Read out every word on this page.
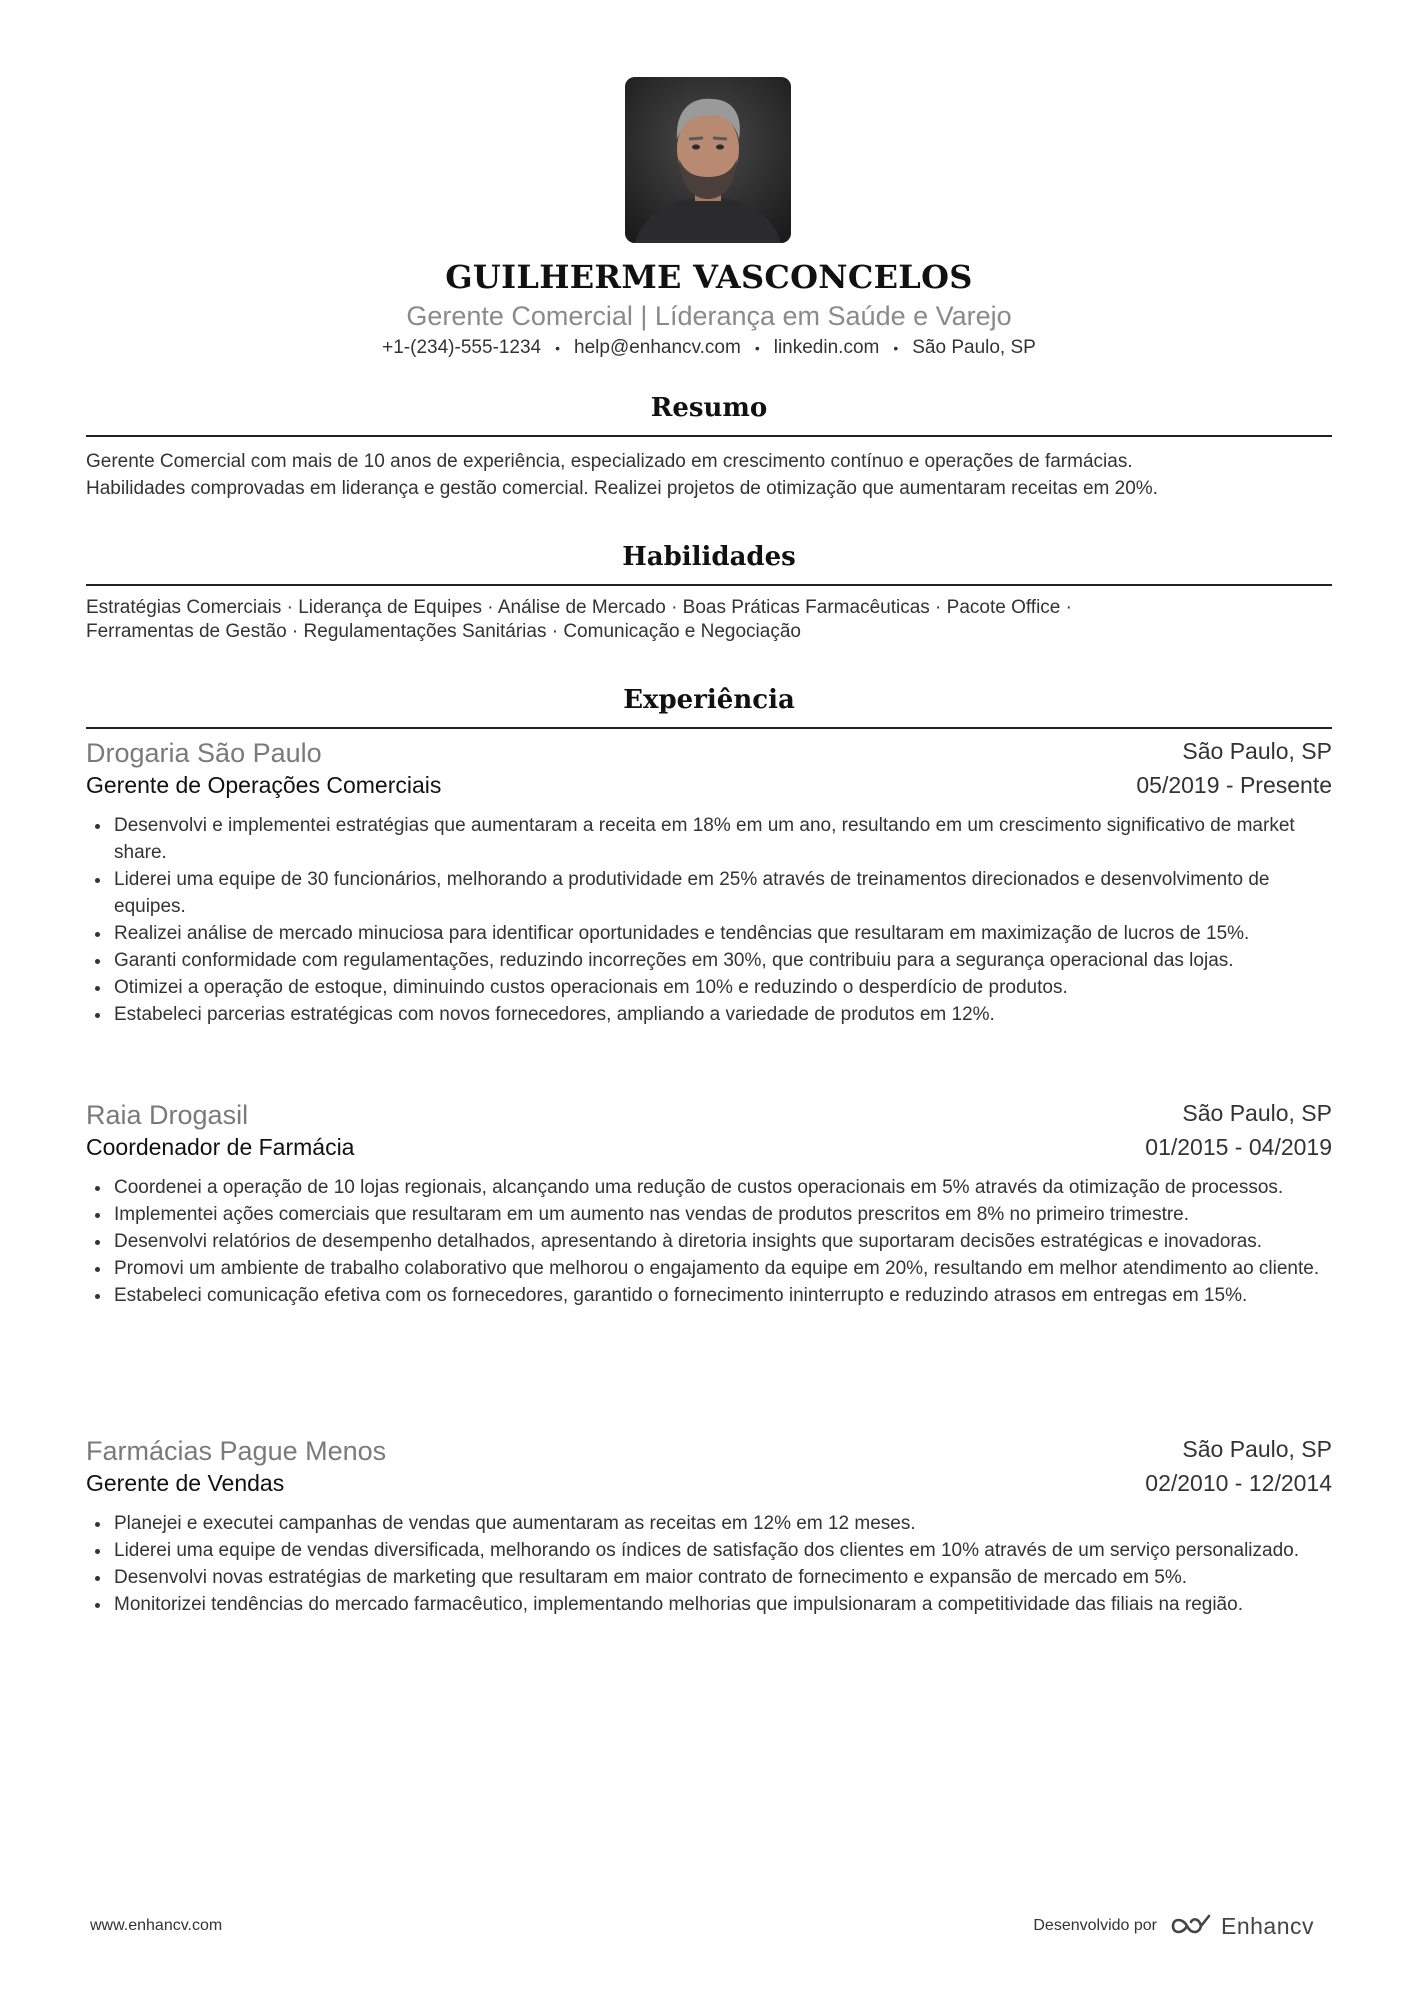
GUILHERME VASCONCELOS

Gerente Comercial | Líderança em Saúde e Varejo

+1-(234)-555-1234 • help@enhancv.com • linkedin.com • São Paulo, SP
Resumo
Gerente Comercial com mais de 10 anos de experiência, especializado em crescimento contínuo e operações de farmácias.
Habilidades comprovadas em liderança e gestão comercial. Realizei projetos de otimização que aumentaram receitas em 20%.
Habilidades
Estratégias Comerciais · Liderança de Equipes · Análise de Mercado · Boas Práticas Farmacêuticas · Pacote Office ·
Ferramentas de Gestão · Regulamentações Sanitárias · Comunicação e Negociação
Experiência
Drogaria São Paulo	São Paulo, SP
Gerente de Operações Comerciais	05/2019 - Presente
Desenvolvi e implementei estratégias que aumentaram a receita em 18% em um ano, resultando em um crescimento significativo de market share.
Liderei uma equipe de 30 funcionários, melhorando a produtividade em 25% através de treinamentos direcionados e desenvolvimento de equipes.
Realizei análise de mercado minuciosa para identificar oportunidades e tendências que resultaram em maximização de lucros de 15%.
Garanti conformidade com regulamentações, reduzindo incorreções em 30%, que contribuiu para a segurança operacional das lojas.
Otimizei a operação de estoque, diminuindo custos operacionais em 10% e reduzindo o desperdício de produtos.
Estabeleci parcerias estratégicas com novos fornecedores, ampliando a variedade de produtos em 12%.
Raia Drogasil	São Paulo, SP
Coordenador de Farmácia	01/2015 - 04/2019
Coordenei a operação de 10 lojas regionais, alcançando uma redução de custos operacionais em 5% através da otimização de processos.
Implementei ações comerciais que resultaram em um aumento nas vendas de produtos prescritos em 8% no primeiro trimestre.
Desenvolvi relatórios de desempenho detalhados, apresentando à diretoria insights que suportaram decisões estratégicas e inovadoras.
Promovi um ambiente de trabalho colaborativo que melhorou o engajamento da equipe em 20%, resultando em melhor atendimento ao cliente.
Estabeleci comunicação efetiva com os fornecedores, garantido o fornecimento ininterrupto e reduzindo atrasos em entregas em 15%.
Farmácias Pague Menos	São Paulo, SP
Gerente de Vendas	02/2010 - 12/2014
Planejei e executei campanhas de vendas que aumentaram as receitas em 12% em 12 meses.
Liderei uma equipe de vendas diversificada, melhorando os índices de satisfação dos clientes em 10% através de um serviço personalizado.
Desenvolvi novas estratégias de marketing que resultaram em maior contrato de fornecimento e expansão de mercado em 5%.
Monitorizei tendências do mercado farmacêutico, implementando melhorias que impulsionaram a competitividade das filiais na região.
www.enhancv.com	Desenvolvido por	Enhancv
